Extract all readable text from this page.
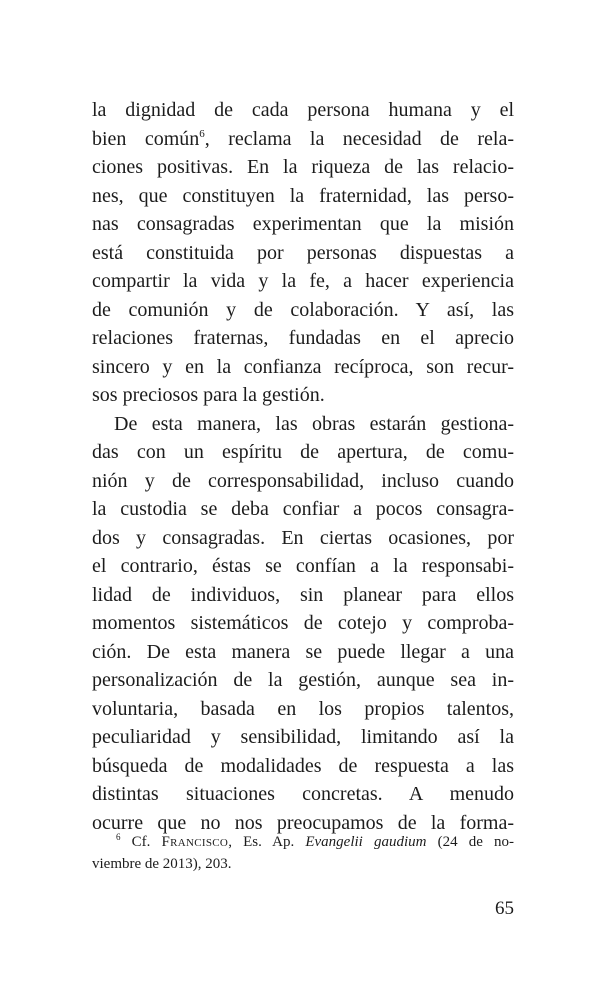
la dignidad de cada persona humana y el
bien común$^6$, reclama la necesidad de rela-
ciones positivas. En la riqueza de las relacio-
nes, que constituyen la fraternidad, las perso-
nas consagradas experimentan que la misión
está constituida por personas dispuestas a
compartir la vida y la fe, a hacer experiencia
de comunión y de colaboración. Y así, las
relaciones fraternas, fundadas en el aprecio
sincero y en la confianza recíproca, son recur-
sos preciosos para la gestión.
De esta manera, las obras estarán gestiona-
das con un espíritu de apertura, de comu-
nión y de corresponsabilidad, incluso cuando
la custodia se deba confiar a pocos consagra-
dos y consagradas. En ciertas ocasiones, por
el contrario, éstas se confían a la responsabi-
lidad de individuos, sin planear para ellos
momentos sistemáticos de cotejo y comproba-
ción. De esta manera se puede llegar a una
personalización de la gestión, aunque sea in-
voluntaria, basada en los propios talentos,
peculiaridad y sensibilidad, limitando así la
búsqueda de modalidades de respuesta a las
distintas situaciones concretas. A menudo
ocurre que no nos preocupamos de la forma-
$^6$ Cf. Francisco, Es. Ap. Evangelii gaudium (24 de no-
viembre de 2013), 203.
65
